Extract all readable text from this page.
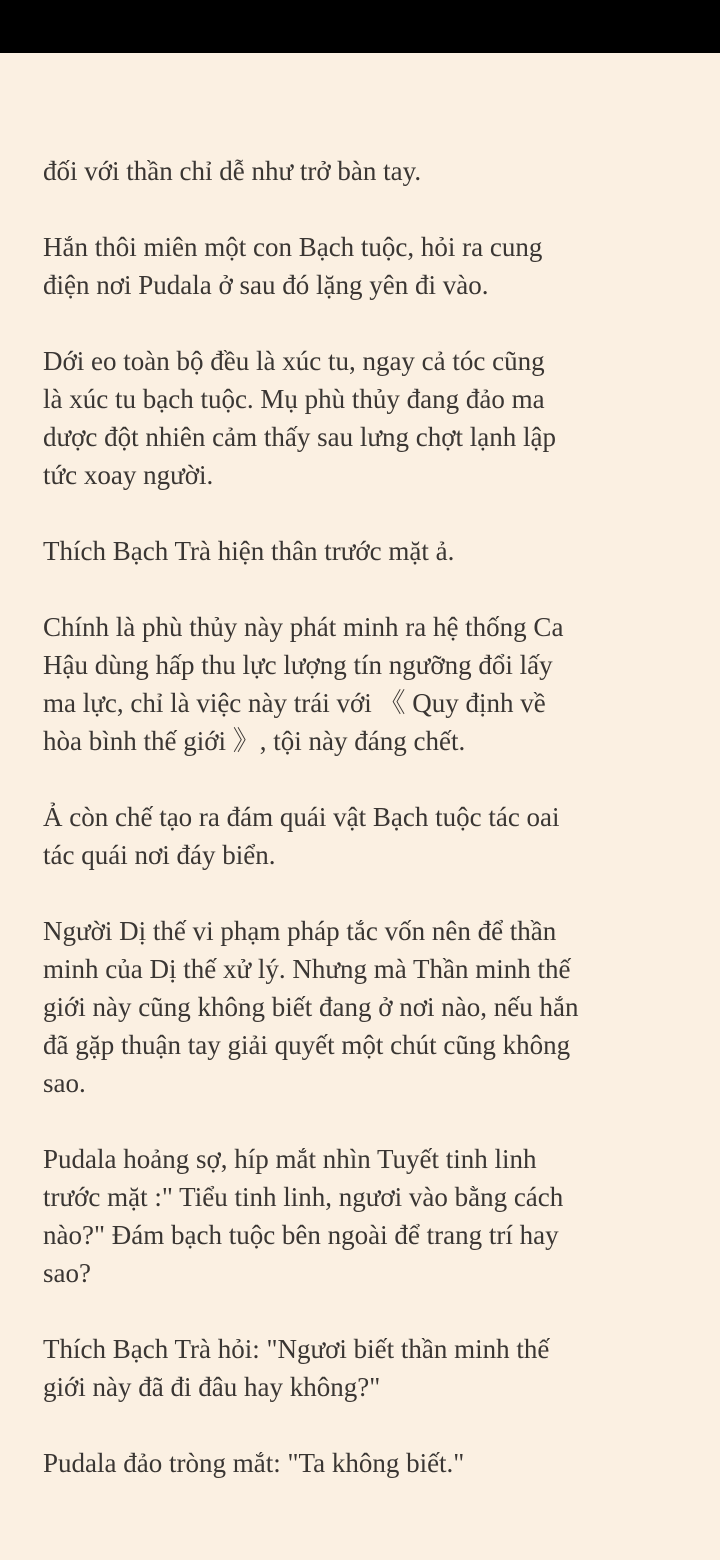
đối với thần chỉ dễ như trở bàn tay.

Hắn thôi miên một con Bạch tuộc, hỏi ra cung
điện nơi Pudala ở sau đó lặng yên đi vào.

Dới eo toàn bộ đều là xúc tu, ngay cả tóc cũng
là xúc tu bạch tuộc. Mụ phù thủy đang đảo ma
dược đột nhiên cảm thấy sau lưng chợt lạnh lập
tức xoay người.

Thích Bạch Trà hiện thân trước mặt ả.

Chính là phù thủy này phát minh ra hệ thống Ca
Hậu dùng hấp thu lực lượng tín ngưỡng đổi lấy
ma lực, chỉ là việc này trái với 《 Quy định về
hòa bình thế giới 》, tội này đáng chết.

Ả còn chế tạo ra đám quái vật Bạch tuộc tác oai
tác quái nơi đáy biển.

Người Dị thế vi phạm pháp tắc vốn nên để thần
minh của Dị thế xử lý. Nhưng mà Thần minh thế
giới này cũng không biết đang ở nơi nào, nếu hắn
đã gặp thuận tay giải quyết một chút cũng không
sao.

Pudala hoảng sợ, híp mắt nhìn Tuyết tinh linh
trước mặt :" Tiểu tinh linh, ngươi vào bằng cách
nào?" Đám bạch tuộc bên ngoài để trang trí hay
sao?

Thích Bạch Trà hỏi: "Ngươi biết thần minh thế
giới này đã đi đâu hay không?"

Pudala đảo tròng mắt: "Ta không biết."
